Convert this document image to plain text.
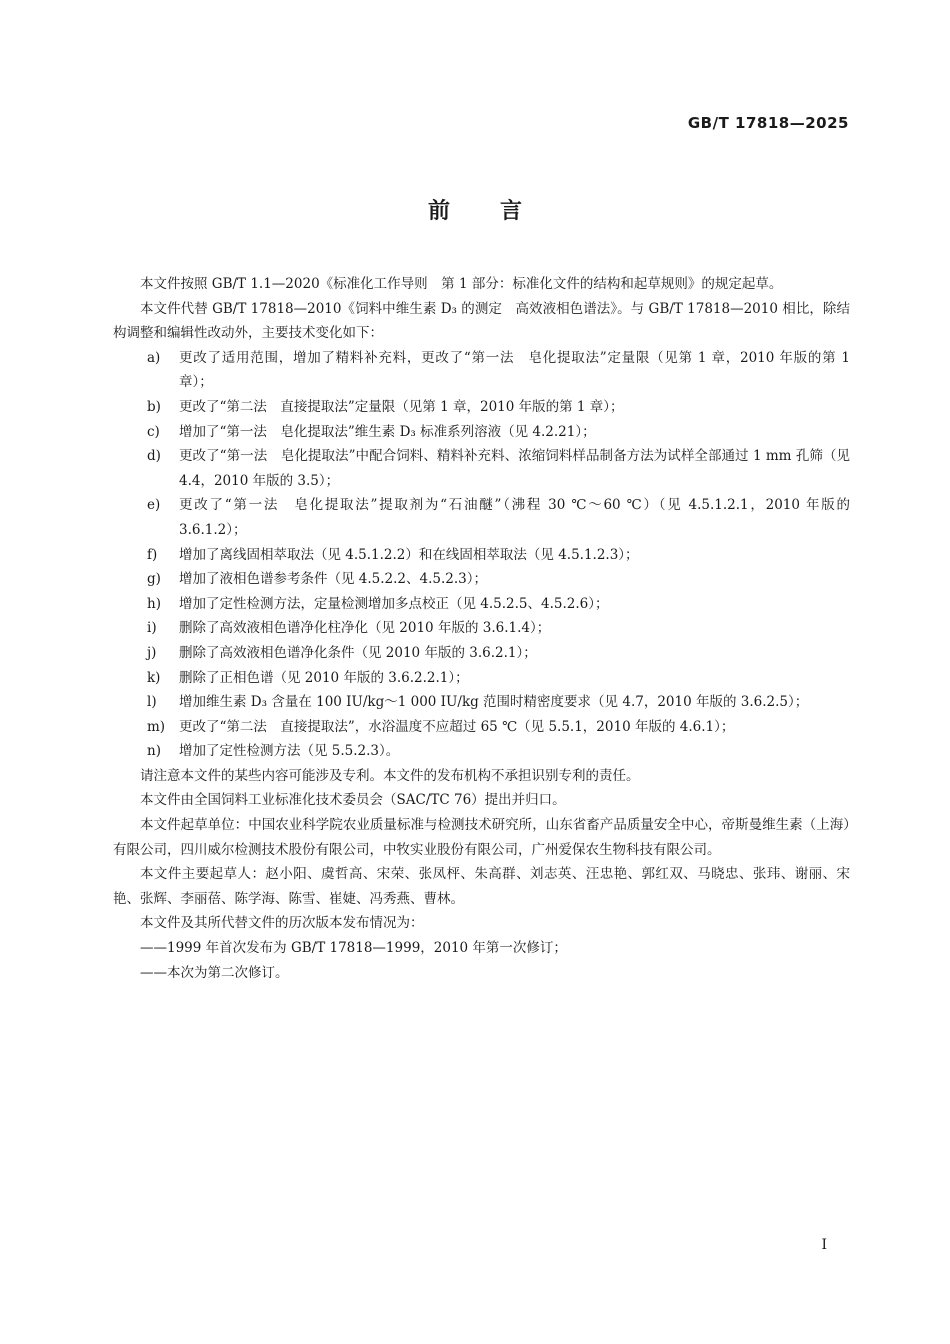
GB/T 17818—2025
前言

本文件按照 GB/T 1.1—2020《标准化工作导则　第 1 部分：标准化文件的结构和起草规则》的规定起草。

本文件代替 GB/T 17818—2010《饲料中维生素 D₃ 的测定　高效液相色谱法》。与 GB/T 17818—2010 相比，除结构调整和编辑性改动外，主要技术变化如下：

a) 更改了适用范围，增加了精料补充料，更改了“第一法　皂化提取法”定量限（见第 1 章，2010 年版的第 1 章）；

b) 更改了“第二法　直接提取法”定量限（见第 1 章，2010 年版的第 1 章）；

c) 增加了“第一法　皂化提取法”维生素 D₃ 标准系列溶液（见 4.2.21）；

d) 更改了“第一法　皂化提取法”中配合饲料、精料补充料、浓缩饲料样品制备方法为试样全部通过 1 mm 孔筛（见 4.4，2010 年版的 3.5）；

e) 更改了“第一法　皂化提取法”提取剂为“石油醚”（沸程 30 ℃～60 ℃）（见 4.5.1.2.1，2010 年版的 3.6.1.2）；

f) 增加了离线固相萃取法（见 4.5.1.2.2）和在线固相萃取法（见 4.5.1.2.3）；

g) 增加了液相色谱参考条件（见 4.5.2.2、4.5.2.3）；

h) 增加了定性检测方法，定量检测增加多点校正（见 4.5.2.5、4.5.2.6）；

i) 删除了高效液相色谱净化柱净化（见 2010 年版的 3.6.1.4）；

j) 删除了高效液相色谱净化条件（见 2010 年版的 3.6.2.1）；

k) 删除了正相色谱（见 2010 年版的 3.6.2.2.1）；

l) 增加维生素 D₃ 含量在 100 IU/kg～1 000 IU/kg 范围时精密度要求（见 4.7，2010 年版的 3.6.2.5）；

m) 更改了“第二法　直接提取法”，水浴温度不应超过 65 ℃（见 5.5.1，2010 年版的 4.6.1）；

n) 增加了定性检测方法（见 5.5.2.3）。

请注意本文件的某些内容可能涉及专利。本文件的发布机构不承担识别专利的责任。

本文件由全国饲料工业标准化技术委员会（SAC/TC 76）提出并归口。

本文件起草单位：中国农业科学院农业质量标准与检测技术研究所，山东省畜产品质量安全中心，帝斯曼维生素（上海）有限公司，四川威尔检测技术股份有限公司，中牧实业股份有限公司，广州爱保农生物科技有限公司。

本文件主要起草人：赵小阳、虞哲高、宋荣、张凤枰、朱高群、刘志英、汪忠艳、郭红双、马晓忠、张玮、谢丽、宋艳、张辉、李丽蓓、陈学海、陈雪、崔婕、冯秀燕、曹林。

本文件及其所代替文件的历次版本发布情况为：

——1999 年首次发布为 GB/T 17818—1999，2010 年第一次修订；

——本次为第二次修订。

I
